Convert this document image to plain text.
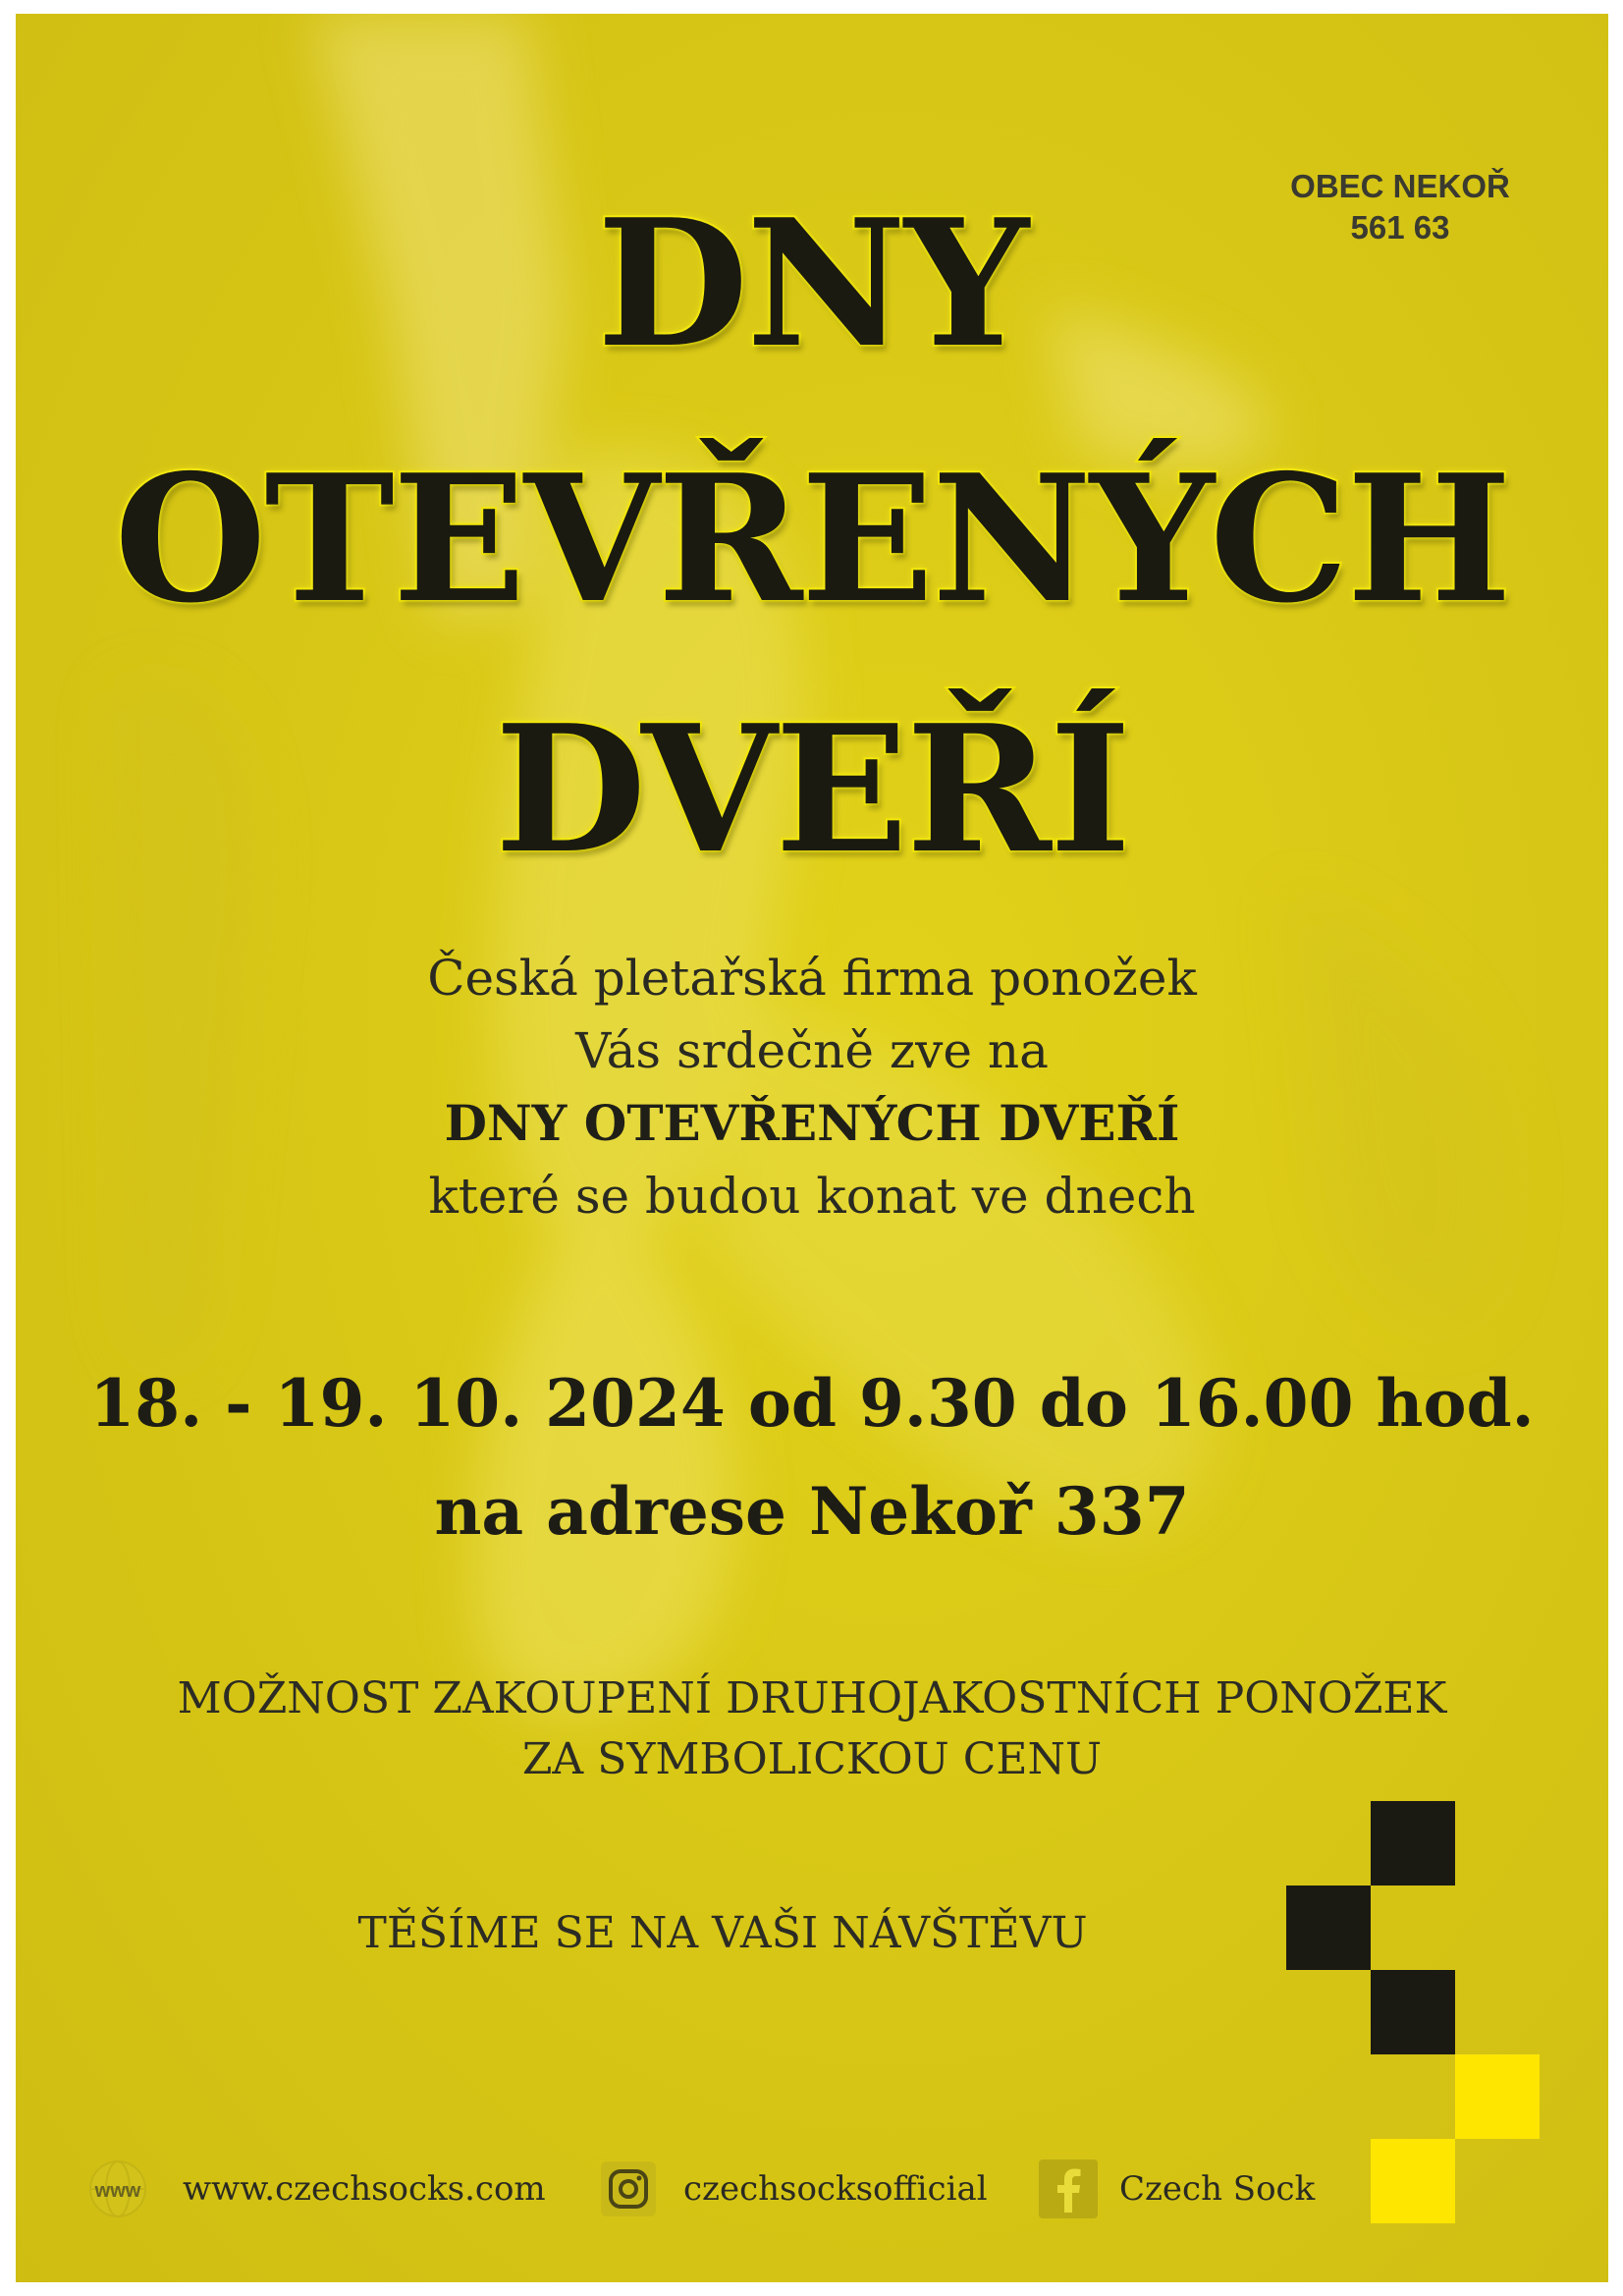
OBEC NEKOŘ
561 63
DNY
OTEVŘENÝCH
DVEŘÍ
Česká pletařská firma ponožek
Vás srdečně zve na
DNY OTEVŘENÝCH DVEŘÍ
které se budou konat ve dnech
18. - 19. 10. 2024 od 9.30 do 16.00 hod.
na adrese Nekoř 337
MOŽNOST ZAKOUPENÍ DRUHOJAKOSTNÍCH PONOŽEK
ZA SYMBOLICKOU CENU
TĚŠÍME SE NA VAŠI NÁVŠTĚVU
www www.czechsocks.com	czechsocksofficial	Czech Sock
